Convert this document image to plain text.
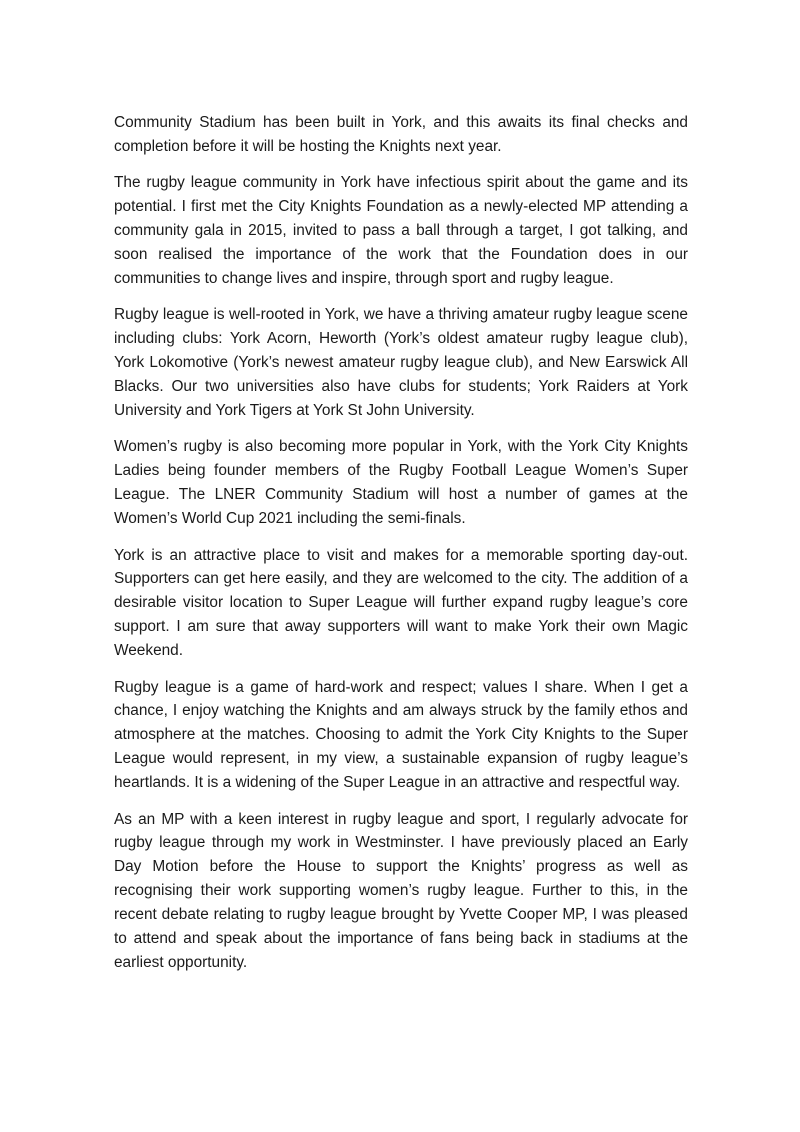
Community Stadium has been built in York, and this awaits its final checks and completion before it will be hosting the Knights next year.

The rugby league community in York have infectious spirit about the game and its potential. I first met the City Knights Foundation as a newly-elected MP attending a community gala in 2015, invited to pass a ball through a target, I got talking, and soon realised the importance of the work that the Foundation does in our communities to change lives and inspire, through sport and rugby league.

Rugby league is well-rooted in York, we have a thriving amateur rugby league scene including clubs: York Acorn, Heworth (York’s oldest amateur rugby league club), York Lokomotive (York’s newest amateur rugby league club), and New Earswick All Blacks. Our two universities also have clubs for students; York Raiders at York University and York Tigers at York St John University.

Women’s rugby is also becoming more popular in York, with the York City Knights Ladies being founder members of the Rugby Football League Women’s Super League. The LNER Community Stadium will host a number of games at the Women’s World Cup 2021 including the semi-finals.

York is an attractive place to visit and makes for a memorable sporting day-out. Supporters can get here easily, and they are welcomed to the city. The addition of a desirable visitor location to Super League will further expand rugby league’s core support. I am sure that away supporters will want to make York their own Magic Weekend.

Rugby league is a game of hard-work and respect; values I share. When I get a chance, I enjoy watching the Knights and am always struck by the family ethos and atmosphere at the matches. Choosing to admit the York City Knights to the Super League would represent, in my view, a sustainable expansion of rugby league’s heartlands. It is a widening of the Super League in an attractive and respectful way.

As an MP with a keen interest in rugby league and sport, I regularly advocate for rugby league through my work in Westminster. I have previously placed an Early Day Motion before the House to support the Knights’ progress as well as recognising their work supporting women’s rugby league. Further to this, in the recent debate relating to rugby league brought by Yvette Cooper MP, I was pleased to attend and speak about the importance of fans being back in stadiums at the earliest opportunity.
